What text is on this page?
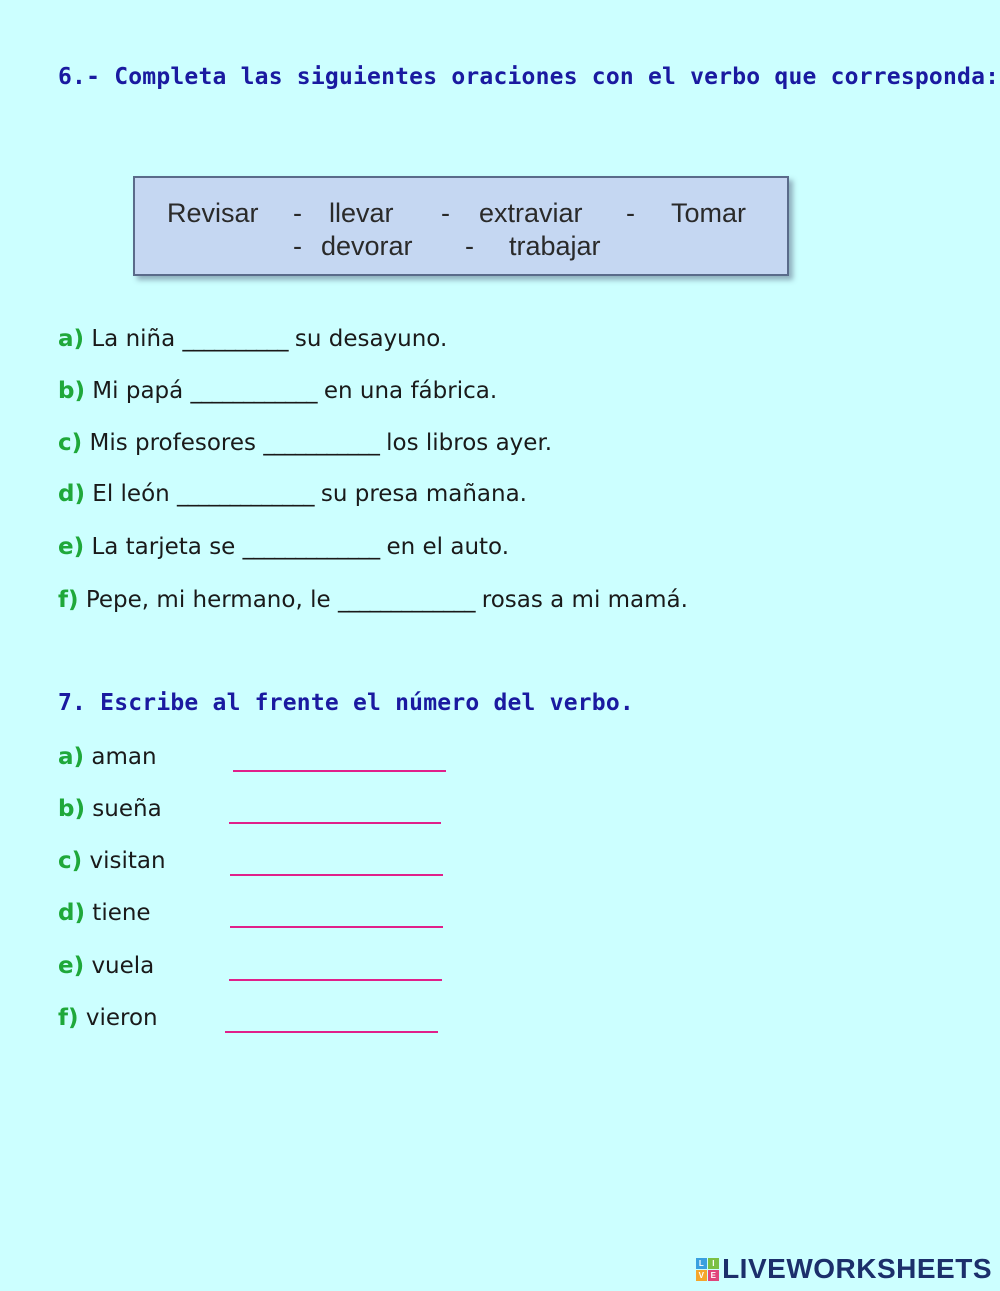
6.- Completa las siguientes oraciones con el verbo que corresponda:
Revisar - llevar - extraviar - Tomar
- devorar - trabajar
a) La niña __________ su desayuno.
b) Mi papá ____________ en una fábrica.
c) Mis profesores ___________ los libros ayer.
d) El león _____________ su presa mañana.
e) La tarjeta se _____________ en el auto.
f) Pepe, mi hermano, le _____________ rosas a mi mamá.
7. Escribe al frente el número del verbo.
a) aman
b) sueña
c) visitan
d) tiene
e) vuela
f) vieron
L I
V E LIVEWORKSHEETS
